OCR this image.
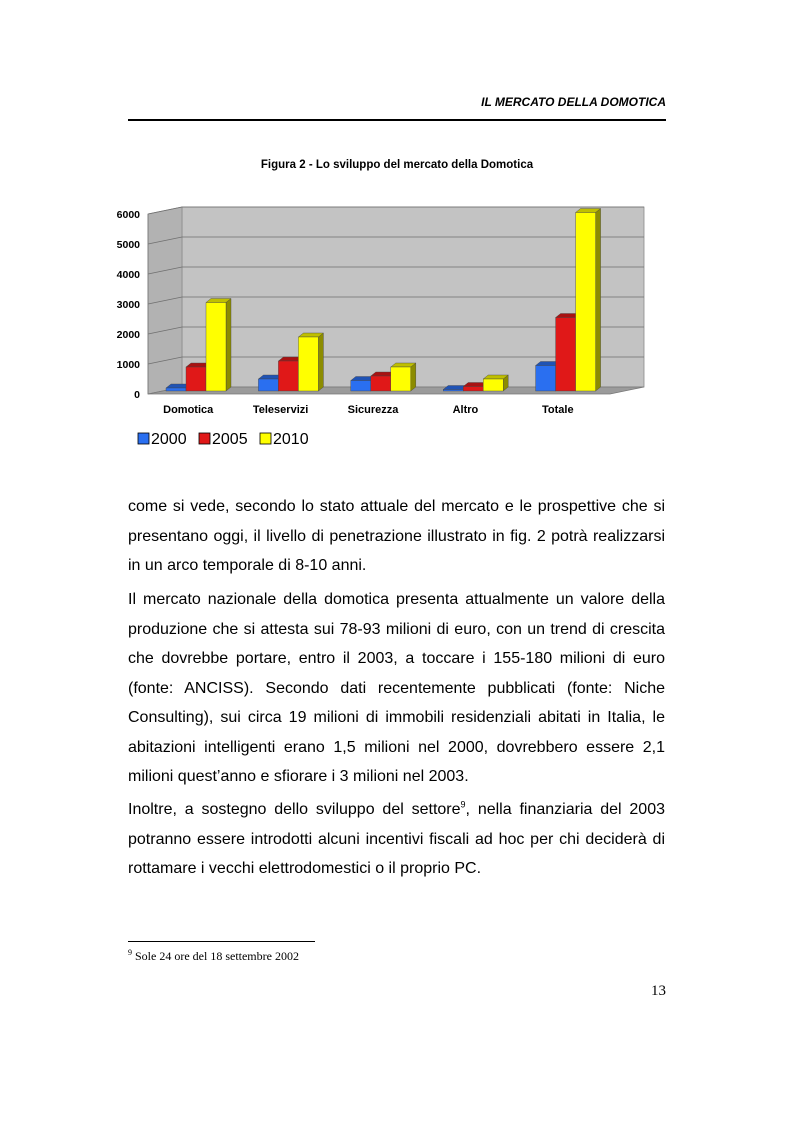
IL MERCATO DELLA DOMOTICA
Figura 2 - Lo sviluppo del mercato della Domotica
0
1000
2000
3000
4000
5000
6000
Domotica	Teleservizi	Sicurezza	Altro	Totale
2000 2005 2010

come si vede, secondo lo stato attuale del mercato e le prospettive che si presentano oggi, il livello di penetrazione illustrato in fig. 2 potrà realizzarsi in un arco temporale di 8-10 anni.

Il mercato nazionale della domotica presenta attualmente un valore della produzione che si attesta sui 78-93 milioni di euro, con un trend di crescita che dovrebbe portare, entro il 2003, a toccare i 155-180 milioni di euro (fonte: ANCISS). Secondo dati recentemente pubblicati (fonte: Niche Consulting), sui circa 19 milioni di immobili residenziali abitati in Italia, le abitazioni intelligenti erano 1,5 milioni nel 2000, dovrebbero essere 2,1 milioni quest’anno e sfiorare i 3 milioni nel 2003.

Inoltre, a sostegno dello sviluppo del settore$^9$, nella finanziaria del 2003 potranno essere introdotti alcuni incentivi fiscali ad hoc per chi deciderà di rottamare i vecchi elettrodomestici o il proprio PC.

$^9$ Sole 24 ore del 18 settembre 2002
13
